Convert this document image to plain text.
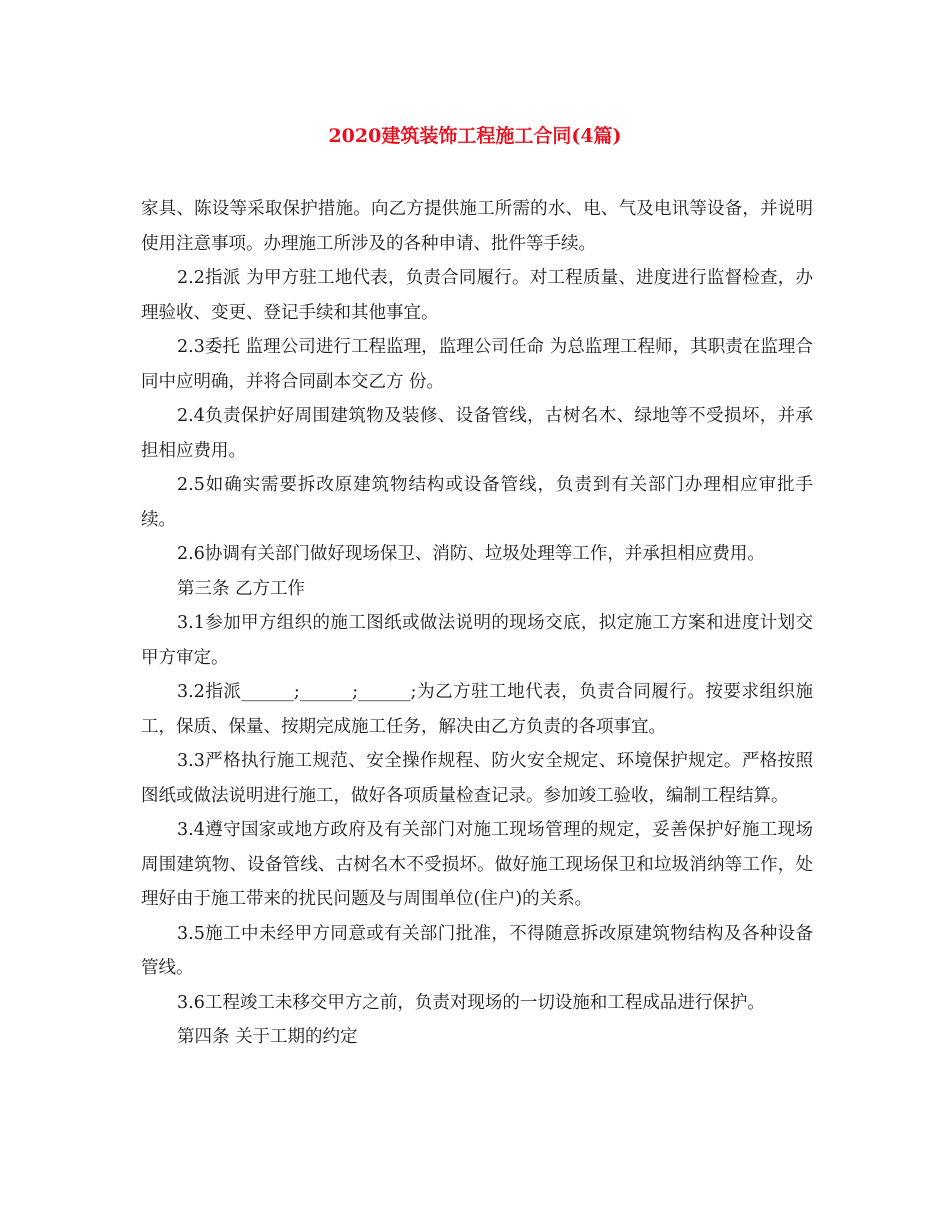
2020建筑装饰工程施工合同(4篇)

家具、陈设等采取保护措施。向乙方提供施工所需的水、电、气及电讯等设备，并说明使用注意事项。办理施工所涉及的各种申请、批件等手续。

2.2指派 为甲方驻工地代表，负责合同履行。对工程质量、进度进行监督检查，办理验收、变更、登记手续和其他事宜。

2.3委托 监理公司进行工程监理，监理公司任命 为总监理工程师，其职责在监理合同中应明确，并将合同副本交乙方 份。

2.4负责保护好周围建筑物及装修、设备管线，古树名木、绿地等不受损坏，并承担相应费用。

2.5如确实需要拆改原建筑物结构或设备管线，负责到有关部门办理相应审批手续。

2.6协调有关部门做好现场保卫、消防、垃圾处理等工作，并承担相应费用。

第三条 乙方工作

3.1参加甲方组织的施工图纸或做法说明的现场交底，拟定施工方案和进度计划交甲方审定。

3.2指派______;______;______;为乙方驻工地代表，负责合同履行。按要求组织施工，保质、保量、按期完成施工任务，解决由乙方负责的各项事宜。

3.3严格执行施工规范、安全操作规程、防火安全规定、环境保护规定。严格按照图纸或做法说明进行施工，做好各项质量检查记录。参加竣工验收，编制工程结算。

3.4遵守国家或地方政府及有关部门对施工现场管理的规定，妥善保护好施工现场周围建筑物、设备管线、古树名木不受损坏。做好施工现场保卫和垃圾消纳等工作，处理好由于施工带来的扰民问题及与周围单位(住户)的关系。

3.5施工中未经甲方同意或有关部门批准，不得随意拆改原建筑物结构及各种设备管线。

3.6工程竣工未移交甲方之前，负责对现场的一切设施和工程成品进行保护。

第四条 关于工期的约定
